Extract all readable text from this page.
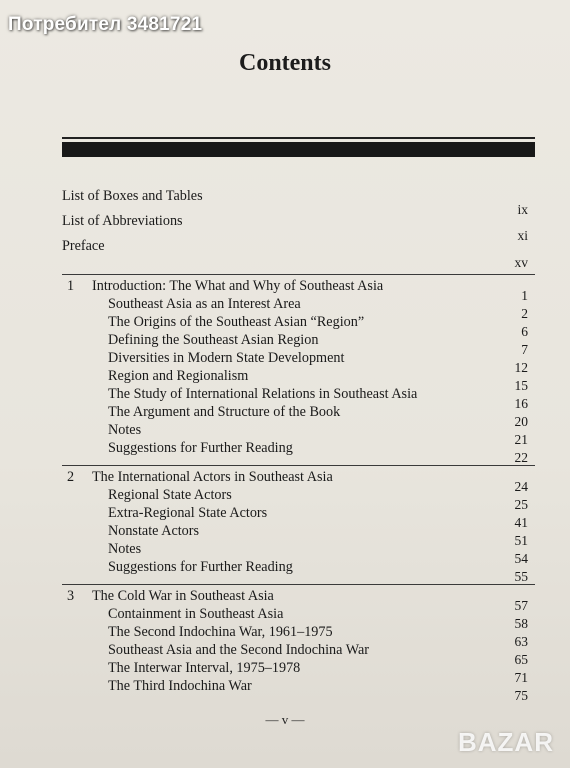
Потребител 3481721
Contents
List of Boxes and Tables
ix
List of Abbreviations
xi
Preface
xv
1 Introduction: The What and Why of Southeast Asia
1
Southeast Asia as an Interest Area
2
The Origins of the Southeast Asian “Region”
6
Defining the Southeast Asian Region
7
Diversities in Modern State Development
12
Region and Regionalism
15
The Study of International Relations in Southeast Asia
16
The Argument and Structure of the Book
20
Notes
21
Suggestions for Further Reading
22
2 The International Actors in Southeast Asia
24
Regional State Actors
25
Extra-Regional State Actors
41
Nonstate Actors
51
Notes
54
Suggestions for Further Reading
55
3 The Cold War in Southeast Asia
57
Containment in Southeast Asia
58
The Second Indochina War, 1961–1975
63
Southeast Asia and the Second Indochina War
65
The Interwar Interval, 1975–1978
71
The Third Indochina War
75
— v —
BAZAR
